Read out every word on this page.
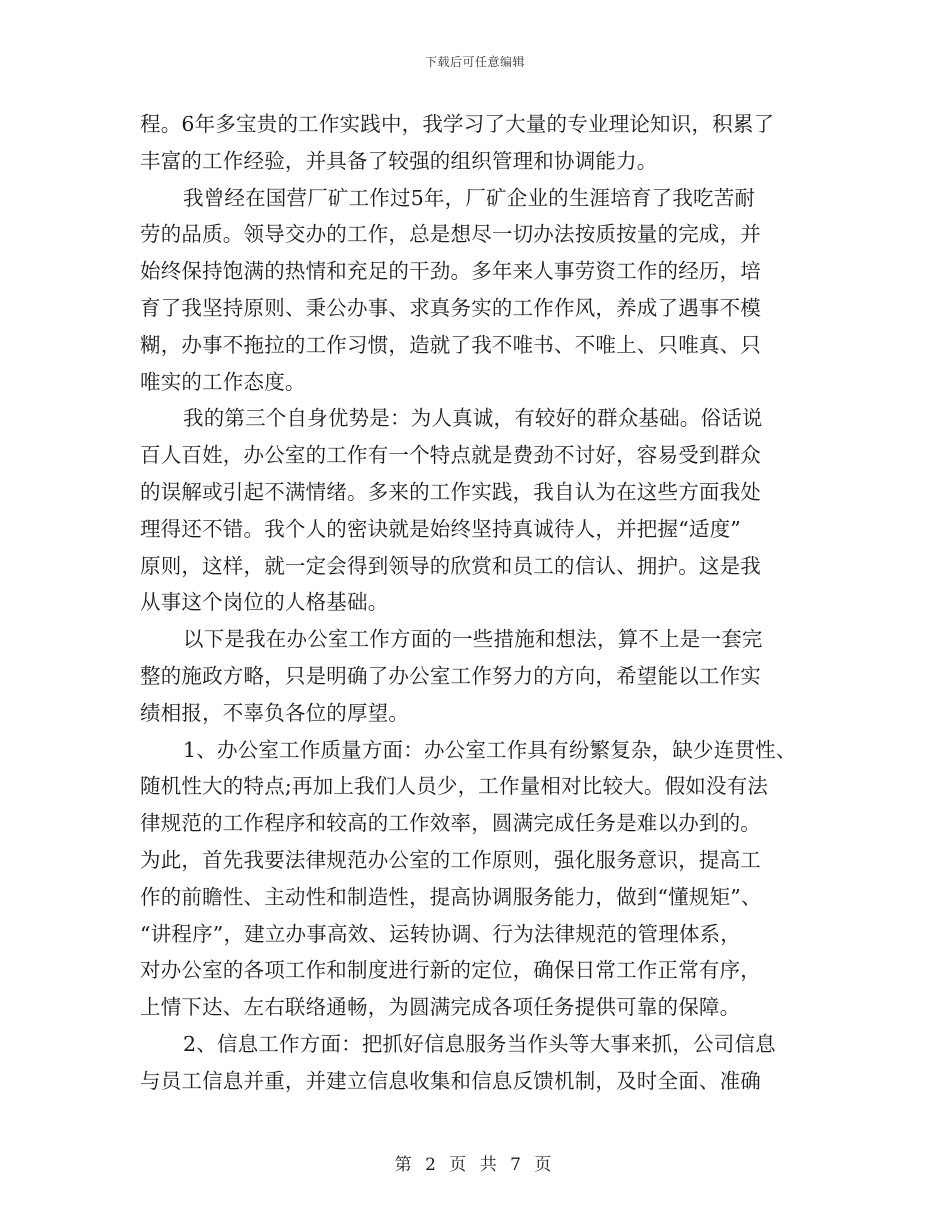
下载后可任意编辑
程。6年多宝贵的工作实践中，我学习了大量的专业理论知识，积累了
丰富的工作经验，并具备了较强的组织管理和协调能力。
我曾经在国营厂矿工作过5年，厂矿企业的生涯培育了我吃苦耐
劳的品质。领导交办的工作，总是想尽一切办法按质按量的完成，并
始终保持饱满的热情和充足的干劲。多年来人事劳资工作的经历，培
育了我坚持原则、秉公办事、求真务实的工作作风，养成了遇事不模
糊，办事不拖拉的工作习惯，造就了我不唯书、不唯上、只唯真、只
唯实的工作态度。
我的第三个自身优势是：为人真诚，有较好的群众基础。俗话说
百人百姓，办公室的工作有一个特点就是费劲不讨好，容易受到群众
的误解或引起不满情绪。多来的工作实践，我自认为在这些方面我处
理得还不错。我个人的密诀就是始终坚持真诚待人，并把握“适度”
原则，这样，就一定会得到领导的欣赏和员工的信认、拥护。这是我
从事这个岗位的人格基础。
以下是我在办公室工作方面的一些措施和想法，算不上是一套完
整的施政方略，只是明确了办公室工作努力的方向，希望能以工作实
绩相报，不辜负各位的厚望。
1、办公室工作质量方面：办公室工作具有纷繁复杂，缺少连贯性、
随机性大的特点;再加上我们人员少，工作量相对比较大。假如没有法
律规范的工作程序和较高的工作效率，圆满完成任务是难以办到的。
为此，首先我要法律规范办公室的工作原则，强化服务意识，提高工
作的前瞻性、主动性和制造性，提高协调服务能力，做到“懂规矩”、
“讲程序”，建立办事高效、运转协调、行为法律规范的管理体系，
对办公室的各项工作和制度进行新的定位，确保日常工作正常有序，
上情下达、左右联络通畅，为圆满完成各项任务提供可靠的保障。
2、信息工作方面：把抓好信息服务当作头等大事来抓，公司信息
与员工信息并重，并建立信息收集和信息反馈机制，及时全面、准确
第 2 页 共 7 页
